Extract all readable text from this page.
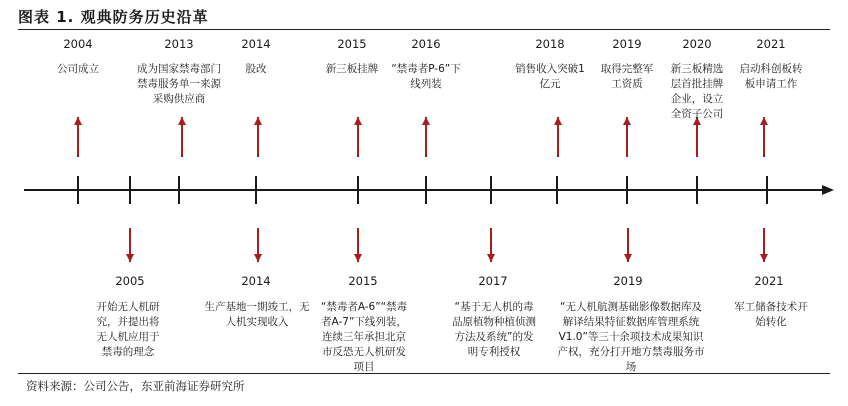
图表 1. 观典防务历史沿革
2004	2013	2014	2015	2016	2018	2019	2020	2021
公司成立	成为国家禁毒部门禁毒服务单一来源采购供应商
股改	新三板挂牌	“禁毒者P-6”下线列装
销售收入突破1亿元
取得完整军工资质
新三板精选层首批挂牌企业，设立全资子公司
启动科创板转板申请工作
2005	2014	2015	2017	2019	2021
开始无人机研究，并提出将无人机应用于禁毒的理念
生产基地一期竣工，无人机实现收入
“禁毒者A-6”“禁毒者A-7”下线列装，连续三年承担北京市反恐无人机研发项目
“基于无人机的毒品原植物种植侦测方法及系统”的发明专利授权
“无人机航测基础影像数据库及解译结果特征数据库管理系统V1.0”等三十余项技术成果知识产权，充分打开地方禁毒服务市场
军工储备技术开始转化
资料来源：公司公告，东亚前海证券研究所
